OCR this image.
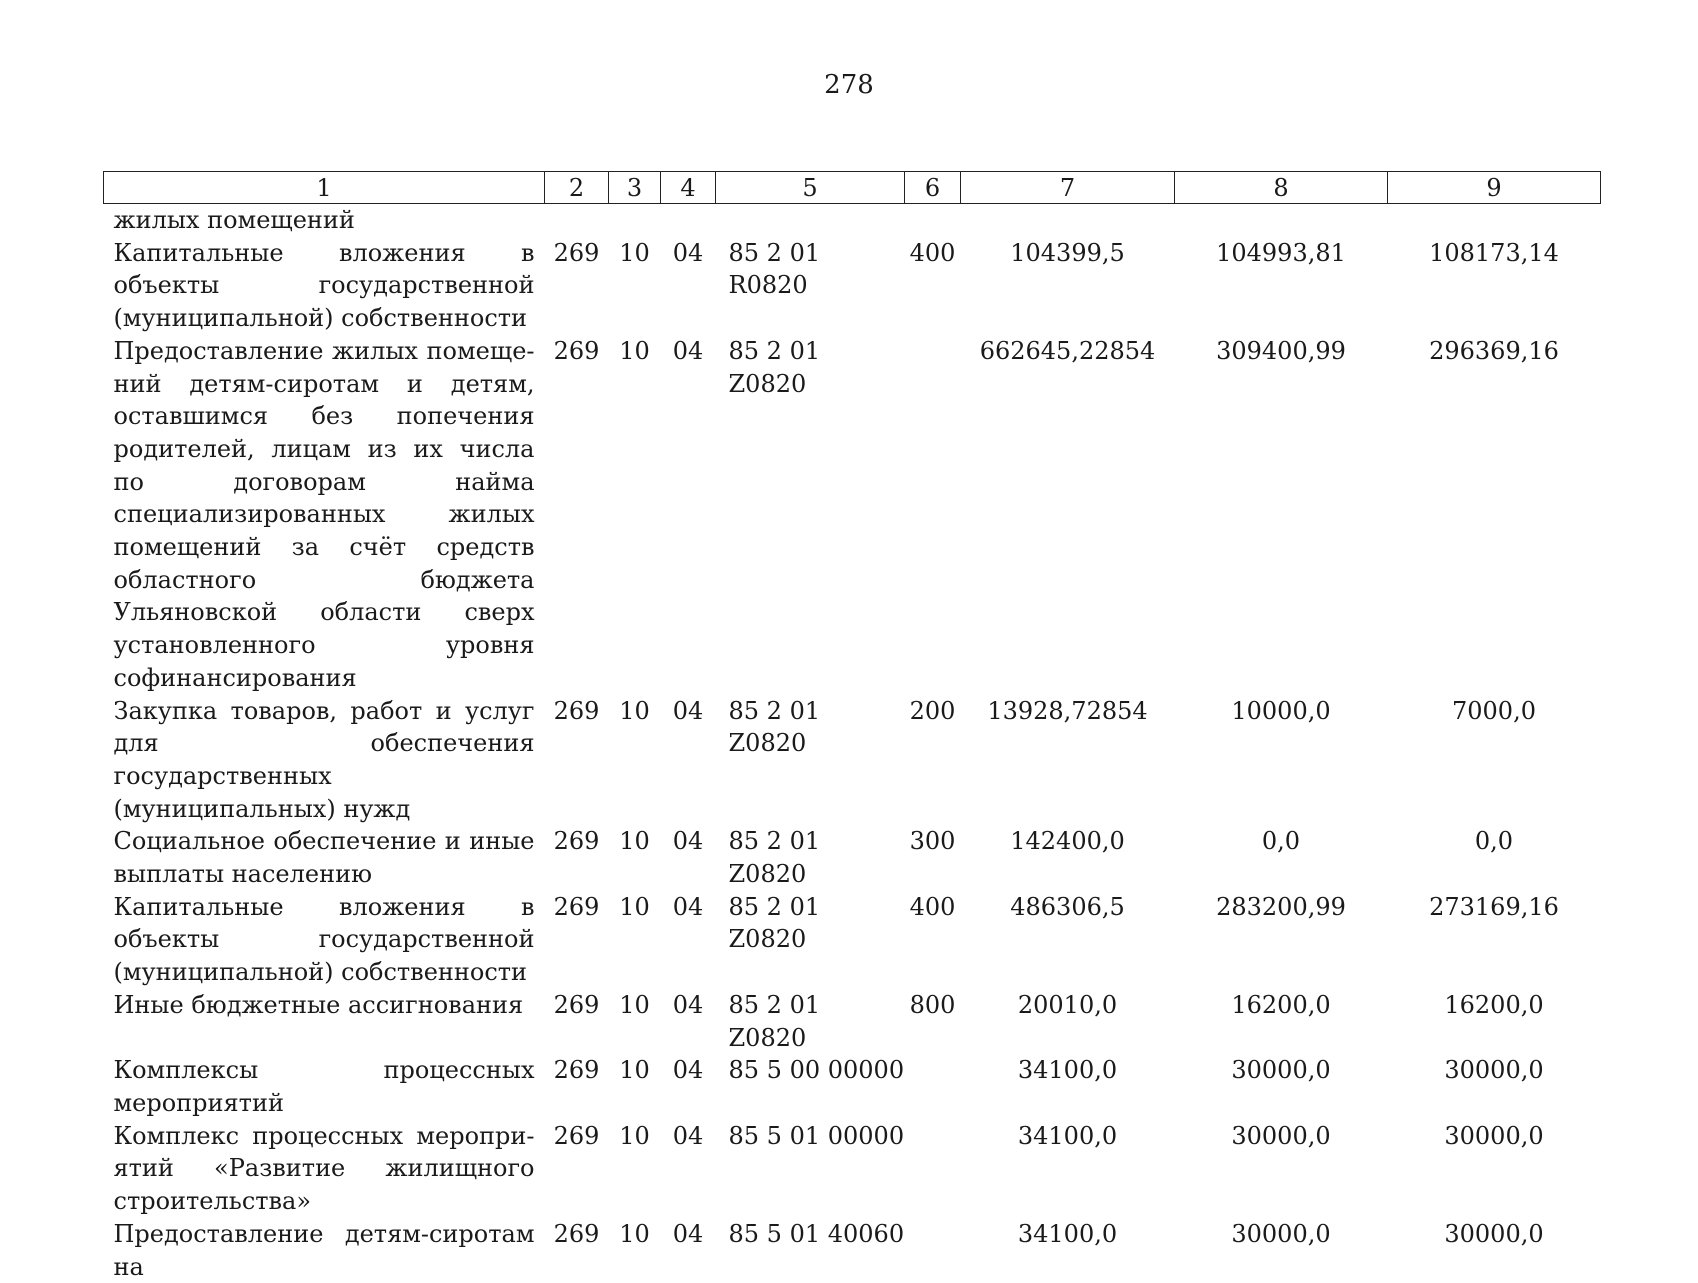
278
1	2	3	4	5	6	7	8	9
жилых помещений								
Капитальные вложения в объекты государственной (муниципальной) собственности	269	10	04	85 2 01 R0820	400	104399,5	104993,81	108173,14
Предоставление жилых помещений детям-сиротам и детям, оставшимся без попечения родителей, лицам из их числа по договорам найма специализированных жилых помещений за счёт средств областного бюджета Ульяновской области сверх установленного уровня софинансирования	269	10	04	85 2 01 Z0820		662645,22854	309400,99	296369,16
Закупка товаров, работ и услуг для обеспечения государственных (муниципальных) нужд	269	10	04	85 2 01 Z0820	200	13928,72854	10000,0	7000,0
Социальное обеспечение и иные выплаты населению	269	10	04	85 2 01 Z0820	300	142400,0	0,0	0,0
Капитальные вложения в объекты государственной (муниципальной) собственности	269	10	04	85 2 01 Z0820	400	486306,5	283200,99	273169,16
Иные бюджетные ассигнования	269	10	04	85 2 01 Z0820	800	20010,0	16200,0	16200,0
Комплексы процессных мероприятий	269	10	04	85 5 00 00000		34100,0	30000,0	30000,0
Комплекс процессных мероприятий «Развитие жилищного строительства»	269	10	04	85 5 01 00000		34100,0	30000,0	30000,0
Предоставление детям-сиротам на	269	10	04	85 5 01 40060		34100,0	30000,0	30000,0
